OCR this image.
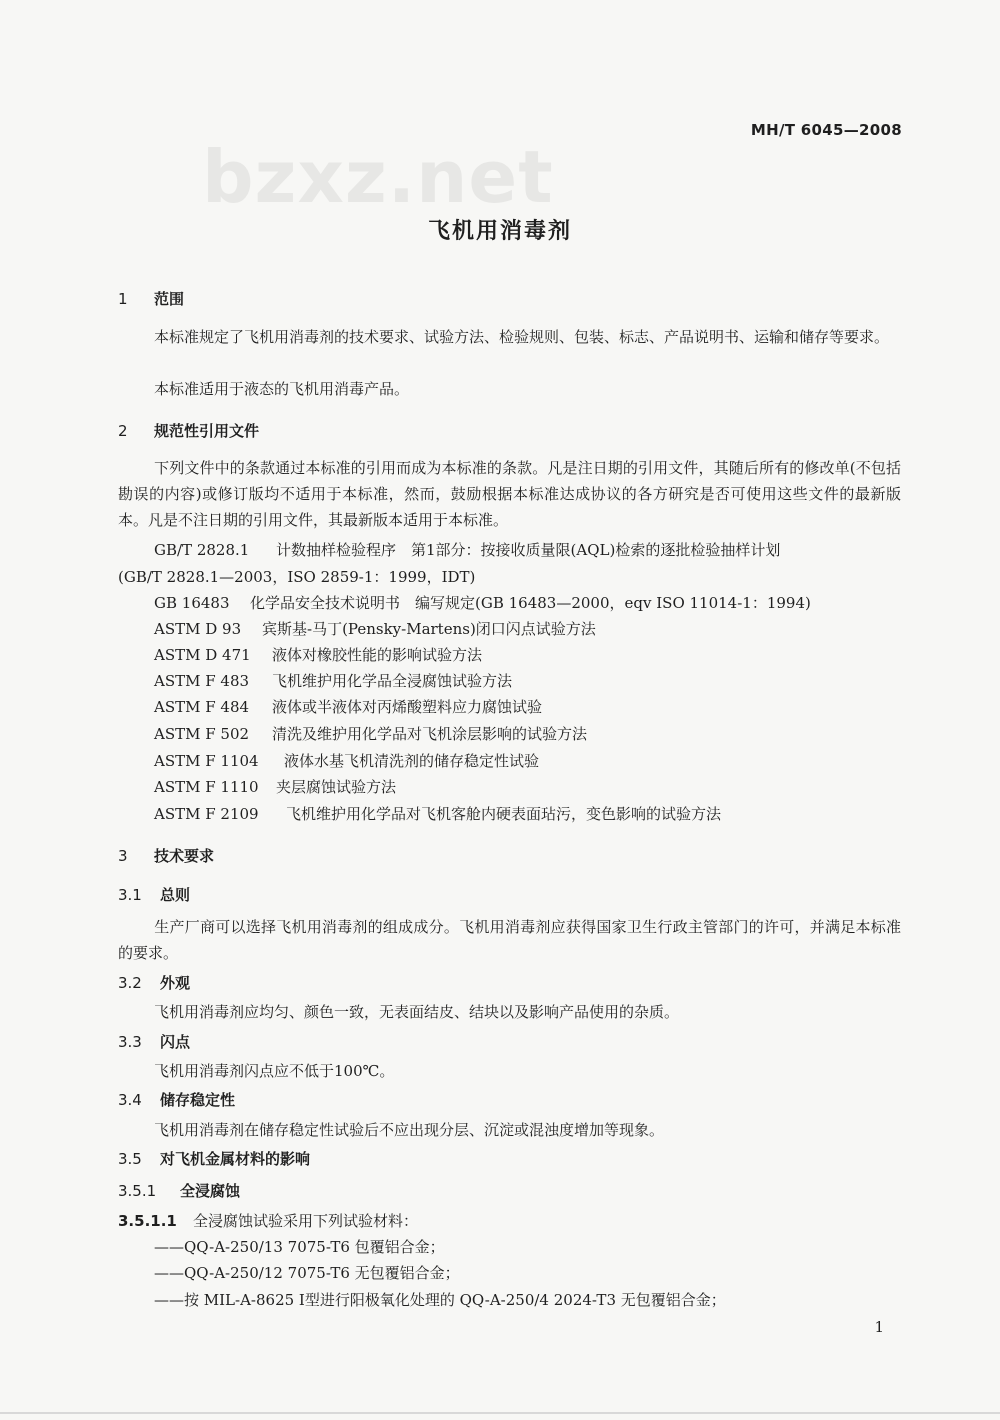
bzxz.net
MH/T 6045—2008
飞机用消毒剂
1 范围
本标准规定了飞机用消毒剂的技术要求、试验方法、检验规则、包装、标志、产品说明书、运输和储存等要求。
本标准适用于液态的飞机用消毒产品。
2 规范性引用文件
下列文件中的条款通过本标准的引用而成为本标准的条款。凡是注日期的引用文件，其随后所有的修改单(不包括勘误的内容)或修订版均不适用于本标准，然而，鼓励根据本标准达成协议的各方研究是否可使用这些文件的最新版本。凡是不注日期的引用文件，其最新版本适用于本标准。
GB/T 2828.1 计数抽样检验程序　第1部分：按接收质量限(AQL)检索的逐批检验抽样计划
(GB/T 2828.1—2003，ISO 2859-1：1999，IDT)
GB 16483 化学品安全技术说明书　编写规定(GB 16483—2000，eqv ISO 11014-1：1994)
ASTM D 93 宾斯基-马丁(Pensky-Martens)闭口闪点试验方法
ASTM D 471 液体对橡胶性能的影响试验方法
ASTM F 483 飞机维护用化学品全浸腐蚀试验方法
ASTM F 484 液体或半液体对丙烯酸塑料应力腐蚀试验
ASTM F 502 清洗及维护用化学品对飞机涂层影响的试验方法
ASTM F 1104 液体水基飞机清洗剂的储存稳定性试验
ASTM F 1110 夹层腐蚀试验方法
ASTM F 2109 飞机维护用化学品对飞机客舱内硬表面玷污，变色影响的试验方法
3 技术要求
3.1 总则
生产厂商可以选择飞机用消毒剂的组成成分。飞机用消毒剂应获得国家卫生行政主管部门的许可，并满足本标准的要求。
3.2 外观
飞机用消毒剂应均匀、颜色一致，无表面结皮、结块以及影响产品使用的杂质。
3.3 闪点
飞机用消毒剂闪点应不低于100℃。
3.4 储存稳定性
飞机用消毒剂在储存稳定性试验后不应出现分层、沉淀或混浊度增加等现象。
3.5 对飞机金属材料的影响
3.5.1 全浸腐蚀
3.5.1.1 全浸腐蚀试验采用下列试验材料：
——QQ-A-250/13 7075-T6 包覆铝合金；
——QQ-A-250/12 7075-T6 无包覆铝合金；
——按 MIL-A-8625 Ⅰ型进行阳极氧化处理的 QQ-A-250/4 2024-T3 无包覆铝合金；
1
